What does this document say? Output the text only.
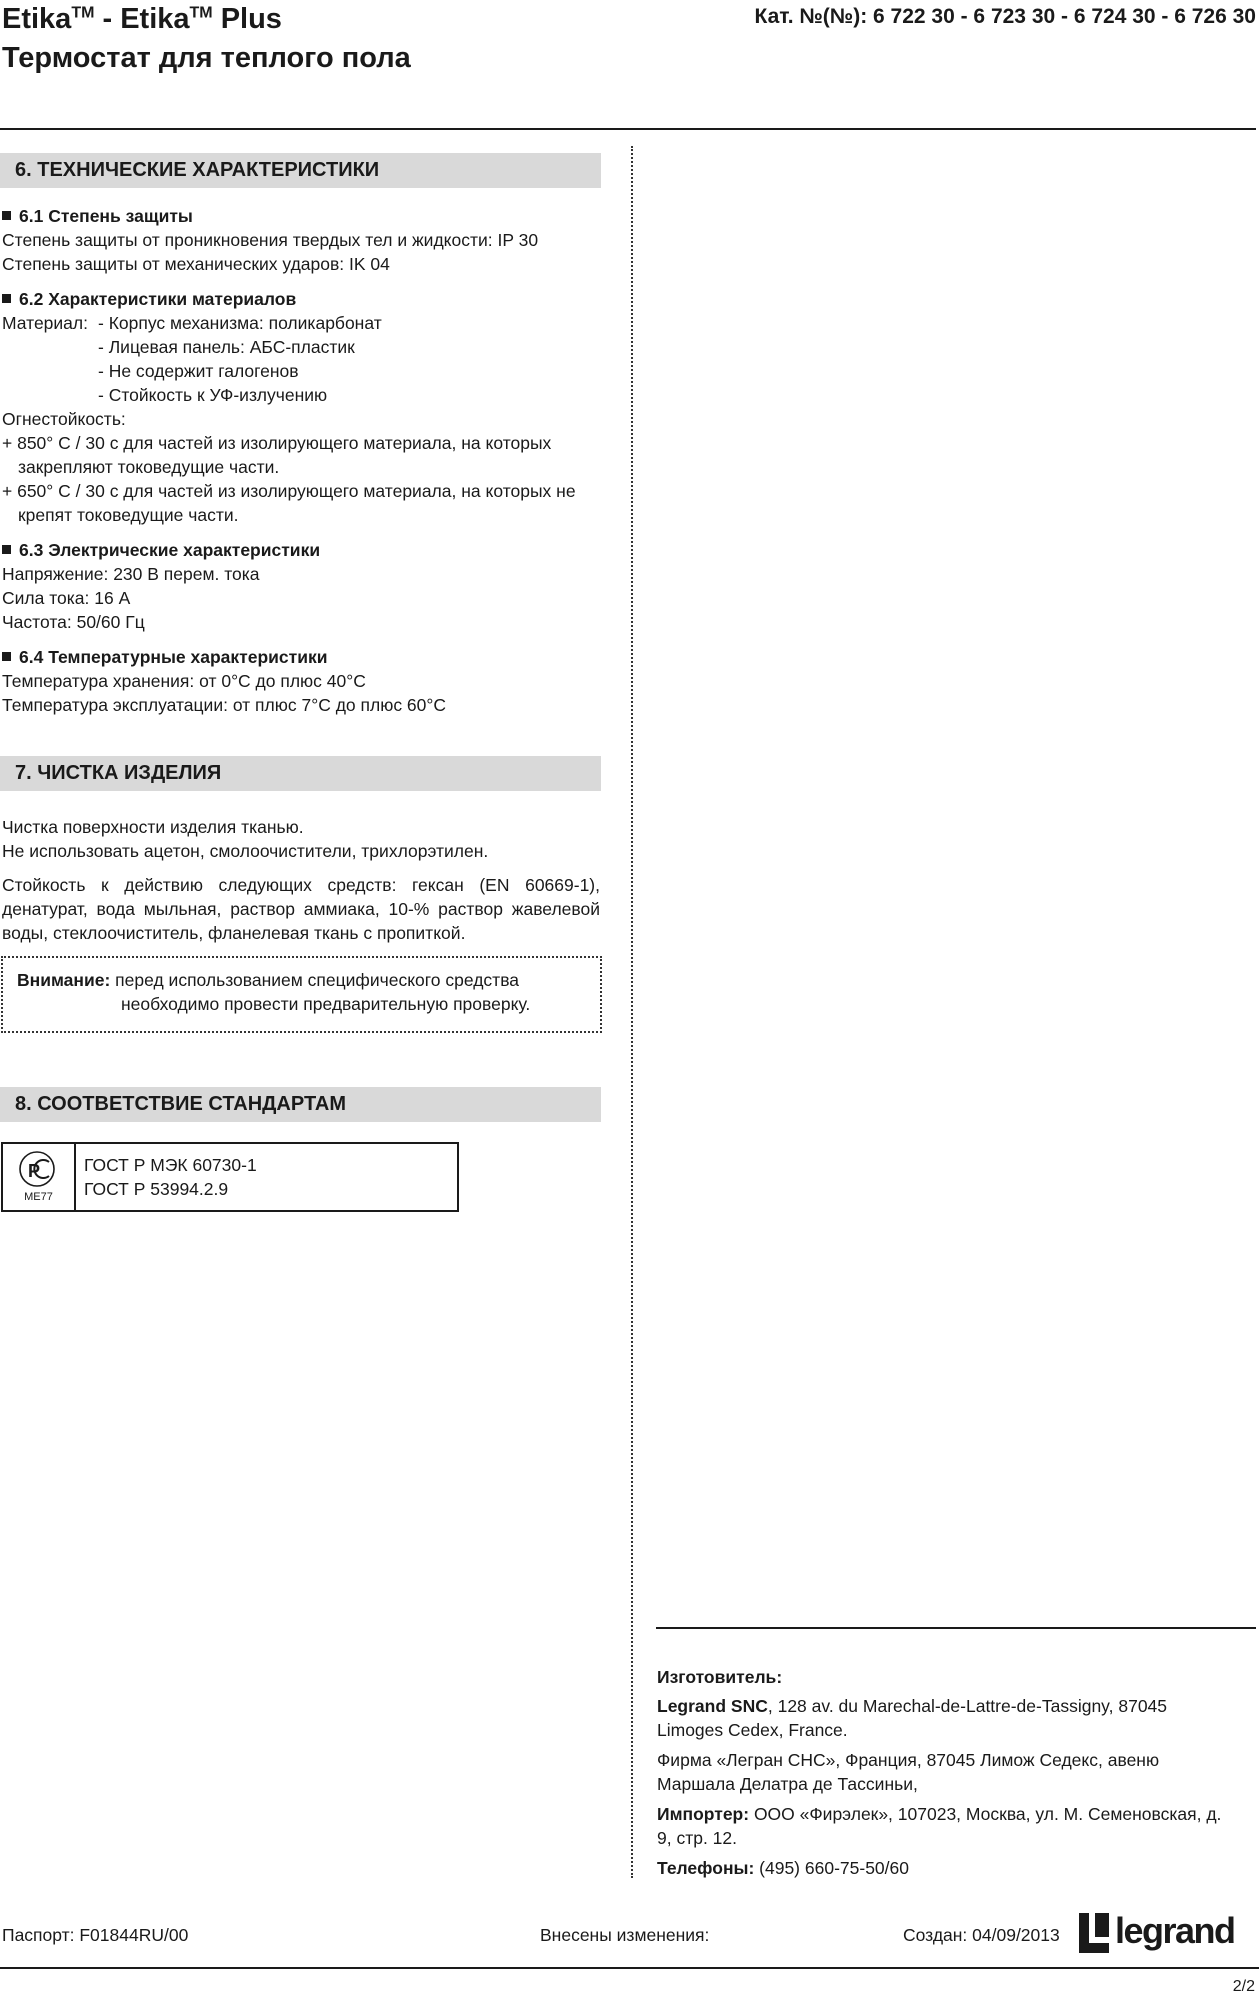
Etika™ - Etika™ Plus
Термостат для теплого пола
Кат. №(№): 6 722 30 - 6 723 30 - 6 724 30 - 6 726 30
6. ТЕХНИЧЕСКИЕ ХАРАКТЕРИСТИКИ
6.1 Степень защиты
Степень защиты от проникновения твердых тел и жидкости: IP 30
Степень защиты от механических ударов: IK 04
6.2 Характеристики материалов
Материал: - Корпус механизма: поликарбонат
- Лицевая панель: АБС-пластик
- Не содержит галогенов
- Стойкость к УФ-излучению
Огнестойкость:
+ 850° C / 30 с для частей из изолирующего материала, на которых
закрепляют токоведущие части.
+ 650° C / 30 с для частей из изолирующего материала, на которых не
крепят токоведущие части.
6.3 Электрические характеристики
Напряжение: 230 В перем. тока
Сила тока: 16 А
Частота: 50/60 Гц
6.4 Температурные характеристики
Температура хранения: от 0°C до плюс 40°C
Температура эксплуатации: от плюс 7°C до плюс 60°C
7. ЧИСТКА ИЗДЕЛИЯ
Чистка поверхности изделия тканью.
Не использовать ацетон, смолоочистители, трихлорэтилен.
Стойкость к действию следующих средств: гексан (EN 60669-1),
денатурат, вода мыльная, раствор аммиака, 10-% раствор жавелевой
воды, стеклоочиститель, фланелевая ткань с пропиткой.
Внимание: перед использованием специфического средства
необходимо провести предварительную проверку.
8. СООТВЕТСТВИЕ СТАНДАРТАМ
P
МЕ77
ГОСТ Р МЭК 60730-1
ГОСТ Р 53994.2.9
Изготовитель:
Legrand SNC, 128 av. du Marechal-de-Lattre-de-Tassigny, 87045
Limoges Cedex, France.
Фирма «Легран СНС», Франция, 87045 Лимож Седекс, авеню
Маршала Делатра де Тассиньи,
Импортер: ООО «Фирэлек», 107023, Москва, ул. М. Семеновская, д.
9, стр. 12.
Телефоны: (495) 660-75-50/60
Паспорт: F01844RU/00	Внесены изменения:	Создан: 04/09/2013 legrand
2/2
